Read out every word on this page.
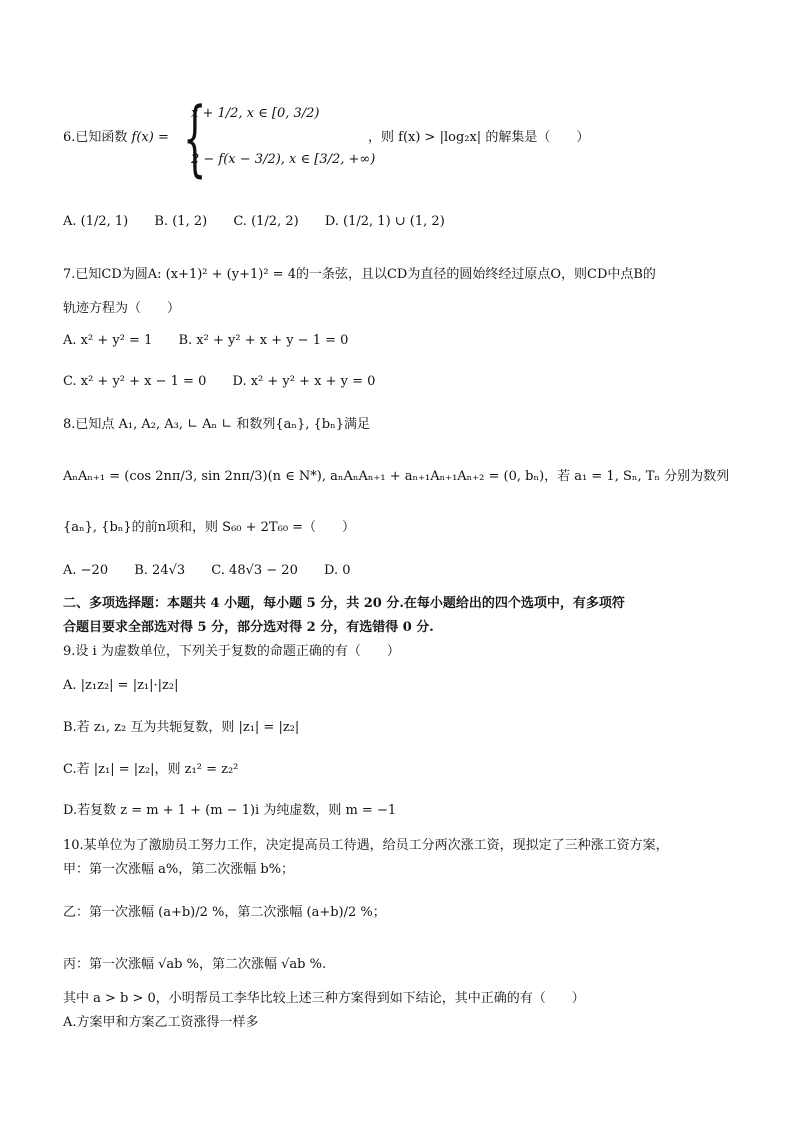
6.已知函数 f(x) = {
x + 1/2, x ∈ [0, 3/2)
2 − f(x − 3/2), x ∈ [3/2, +∞)
，则 f(x) > |log₂x| 的解集是（　　）
A. (1/2, 1) B. (1, 2) C. (1/2, 2) D. (1/2, 1) ∪ (1, 2)
7.已知CD为圆A: (x+1)² + (y+1)² = 4的一条弦，且以CD为直径的圆始终经过原点O，则CD中点B的
轨迹方程为（　　）
A. x² + y² = 1 B. x² + y² + x + y − 1 = 0
C. x² + y² + x − 1 = 0 D. x² + y² + x + y = 0
8.已知点 A₁, A₂, A₃, ∟ Aₙ ∟ 和数列{aₙ}, {bₙ}满足
AₙAₙ₊₁ = (cos 2nπ/3, sin 2nπ/3)(n ∈ N*), aₙAₙAₙ₊₁ + aₙ₊₁Aₙ₊₁Aₙ₊₂ = (0, bₙ)，若 a₁ = 1, Sₙ, Tₙ 分别为数列
{aₙ}, {bₙ}的前n项和，则 S₆₀ + 2T₆₀ =（　　）
A. −20 B. 24√3 C. 48√3 − 20 D. 0
二、多项选择题：本题共 4 小题，每小题 5 分，共 20 分.在每小题给出的四个选项中，有多项符
合题目要求全部选对得 5 分，部分选对得 2 分，有选错得 0 分.
9.设 i 为虚数单位，下列关于复数的命题正确的有（　　）
A. |z₁z₂| = |z₁|·|z₂|
B.若 z₁, z₂ 互为共轭复数，则 |z₁| = |z₂|
C.若 |z₁| = |z₂|，则 z₁² = z₂²
D.若复数 z = m + 1 + (m − 1)i 为纯虚数，则 m = −1
10.某单位为了激励员工努力工作，决定提高员工待遇，给员工分两次涨工资，现拟定了三种涨工资方案，
甲：第一次涨幅 a%，第二次涨幅 b%；
乙：第一次涨幅 (a+b)/2 %，第二次涨幅 (a+b)/2 %；
丙：第一次涨幅 √ab %，第二次涨幅 √ab %.
其中 a > b > 0，小明帮员工李华比较上述三种方案得到如下结论，其中正确的有（　　）
A.方案甲和方案乙工资涨得一样多
